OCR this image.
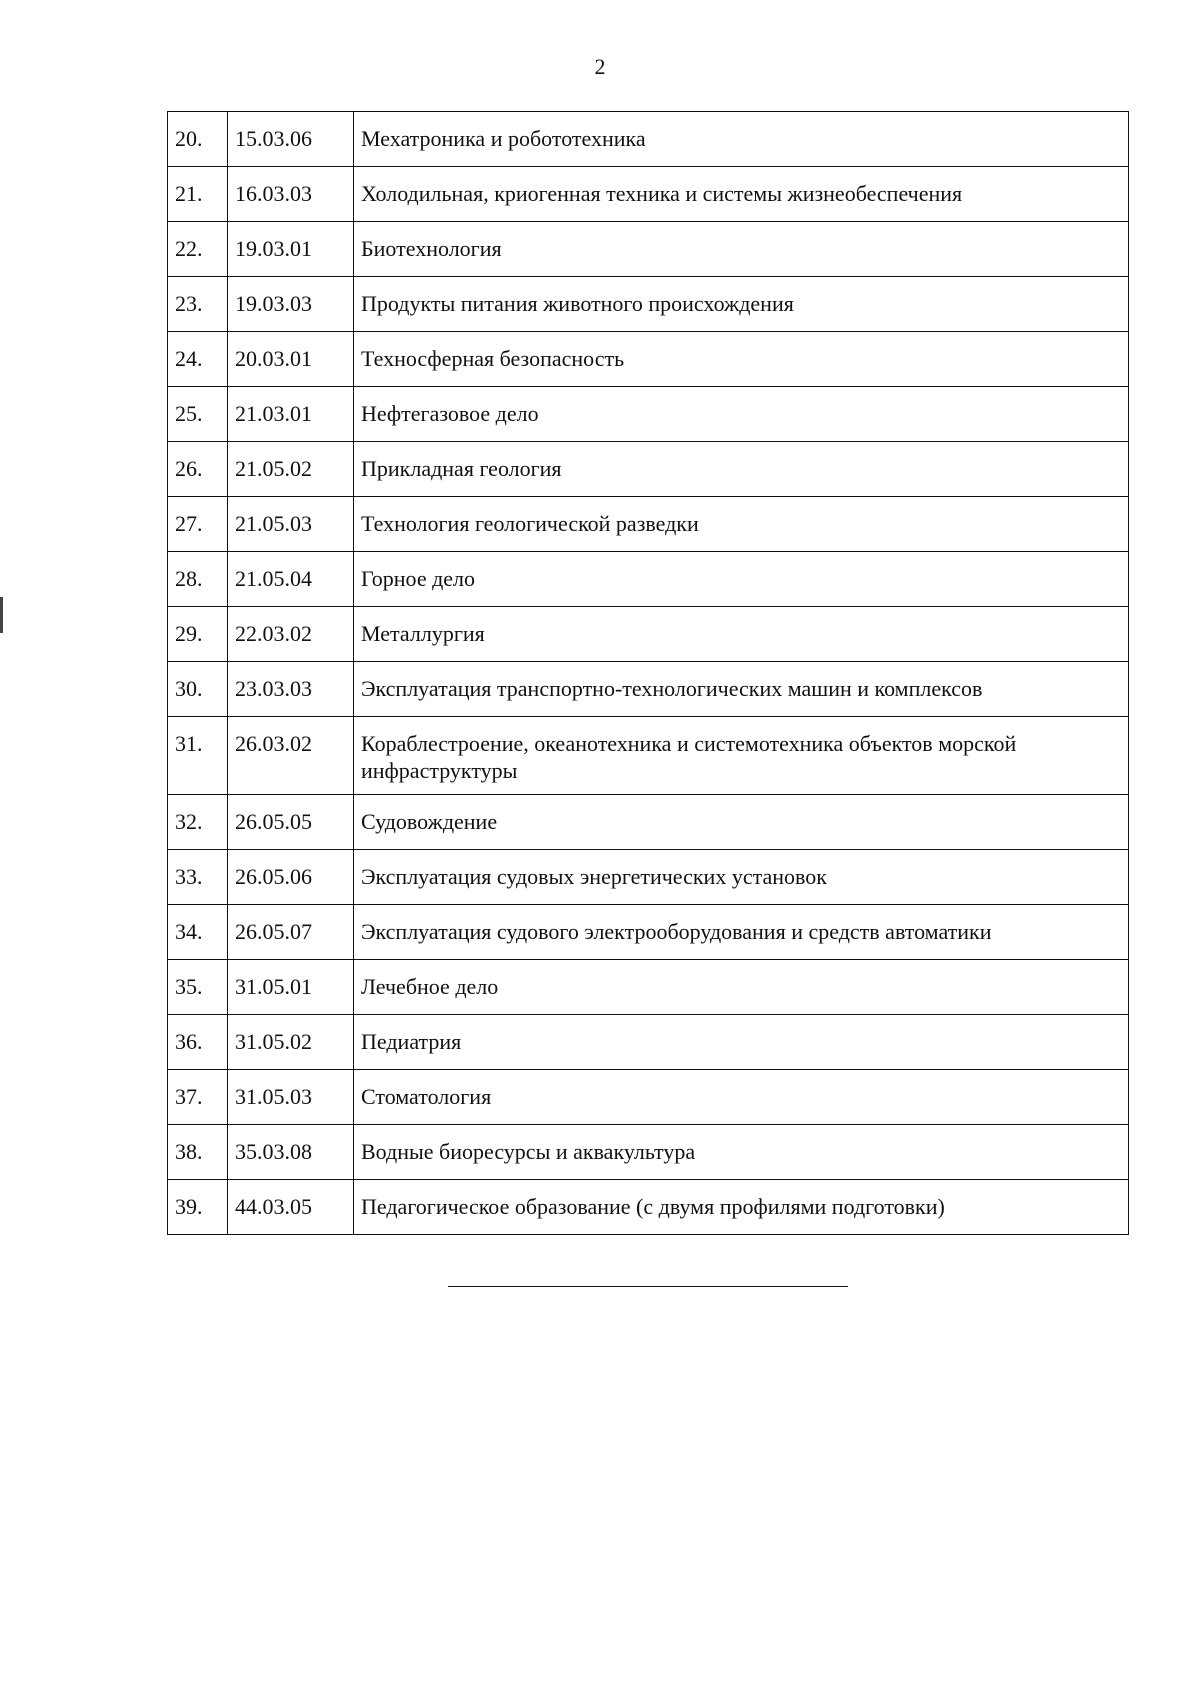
2
20.	15.03.06	Мехатроника и робототехника
21.	16.03.03	Холодильная, криогенная техника и системы жизнеобеспечения
22.	19.03.01	Биотехнология
23.	19.03.03	Продукты питания животного происхождения
24.	20.03.01	Техносферная безопасность
25.	21.03.01	Нефтегазовое дело
26.	21.05.02	Прикладная геология
27.	21.05.03	Технология геологической разведки
28.	21.05.04	Горное дело
29.	22.03.02	Металлургия
30.	23.03.03	Эксплуатация транспортно-технологических машин и комплексов
31.	26.03.02	Кораблестроение, океанотехника и системотехника объектов морской инфраструктуры
32.	26.05.05	Судовождение
33.	26.05.06	Эксплуатация судовых энергетических установок
34.	26.05.07	Эксплуатация судового электрооборудования и средств автоматики
35.	31.05.01	Лечебное дело
36.	31.05.02	Педиатрия
37.	31.05.03	Стоматология
38.	35.03.08	Водные биоресурсы и аквакультура
39.	44.03.05	Педагогическое образование (с двумя профилями подготовки)
